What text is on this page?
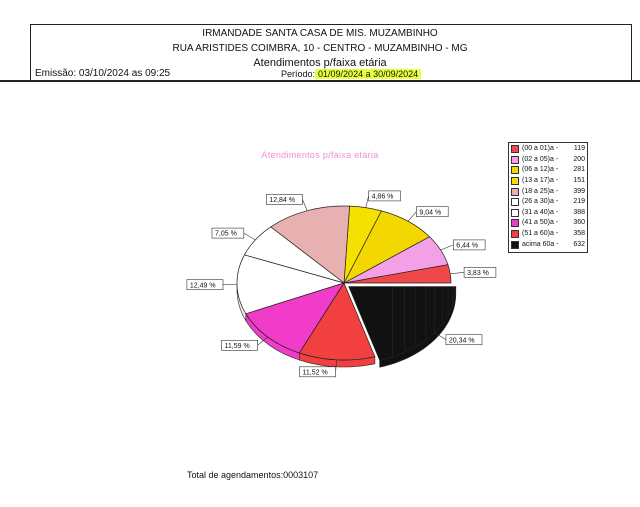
IRMANDADE SANTA CASA DE MIS. MUZAMBINHO
RUA ARISTIDES COIMBRA, 10 - CENTRO - MUZAMBINHO - MG
Atendimentos p/faixa etária
Emissão: 03/10/2024 as 09:25	Período: 01/09/2024 a 30/09/2024
Atendimentos p/faixa etária
3,83 %
6,44 %
9,04 %
4,86 %
12,84 %
7,05 %
12,49 %
11,59 %
11,52 %
20,34 %
(00 a 01)a -	119
(02 a 05)a -	200
(06 a 12)a -	281
(13 a 17)a -	151
(18 a 25)a -	399
(26 a 30)a -	219
(31 a 40)a -	388
(41 a 50)a -	360
(51 a 60)a -	358
acima 60a -	632
Total de agendamentos:0003107
